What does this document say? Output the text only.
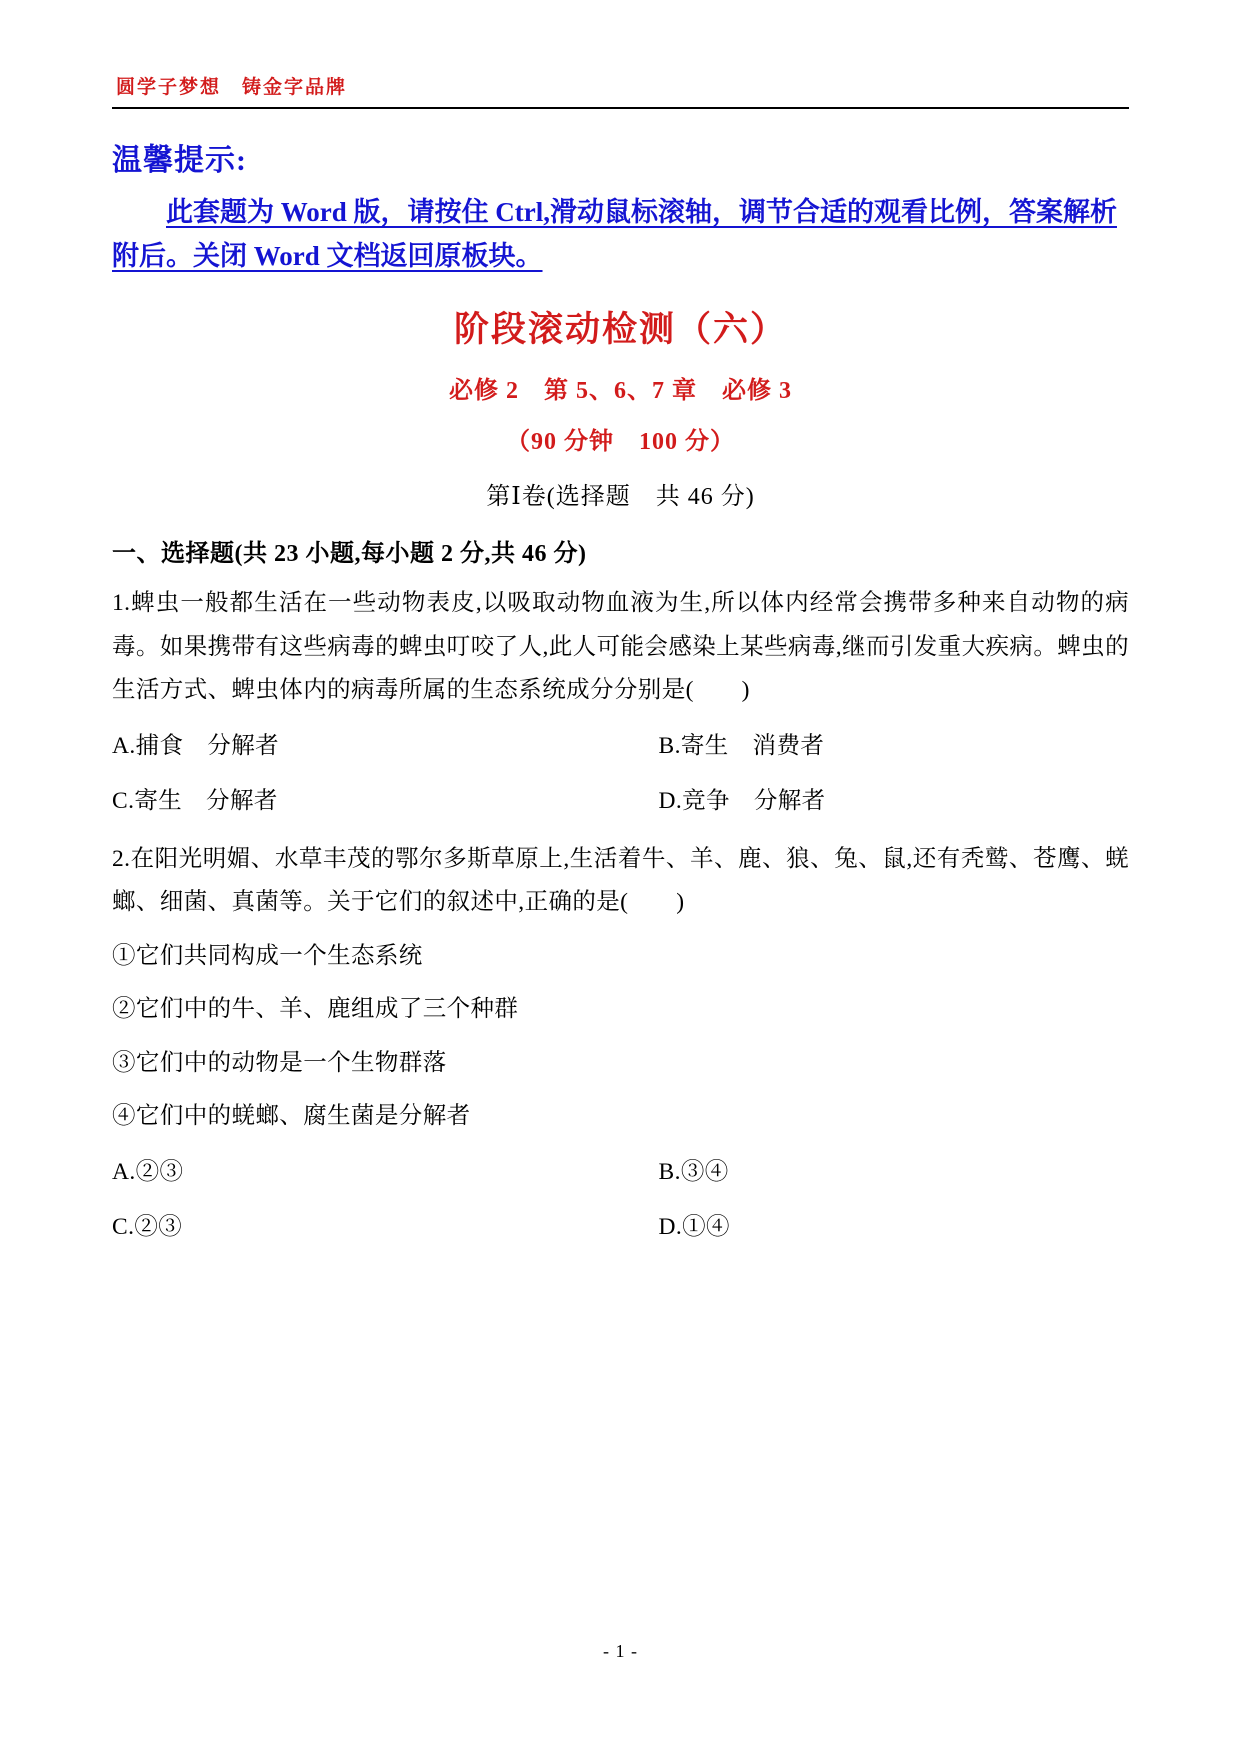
圆学子梦想　铸金字品牌
温馨提示:
此套题为 Word 版，请按住 Ctrl,滑动鼠标滚轴，调节合适的观看比例，答案解析附后。关闭 Word 文档返回原板块。
阶段滚动检测（六）
必修 2　第 5、6、7 章　必修 3
（90 分钟　100 分）
第Ⅰ卷(选择题　共 46 分)
一、选择题(共 23 小题,每小题 2 分,共 46 分)

1.蜱虫一般都生活在一些动物表皮,以吸取动物血液为生,所以体内经常会携带多种来自动物的病毒。如果携带有这些病毒的蜱虫叮咬了人,此人可能会感染上某些病毒,继而引发重大疾病。蜱虫的生活方式、蜱虫体内的病毒所属的生态系统成分分别是(　　)

A.捕食　分解者	B.寄生　消费者
C.寄生　分解者	D.竞争　分解者

2.在阳光明媚、水草丰茂的鄂尔多斯草原上,生活着牛、羊、鹿、狼、兔、鼠,还有秃鹫、苍鹰、蜣螂、细菌、真菌等。关于它们的叙述中,正确的是(　　)

①它们共同构成一个生态系统
②它们中的牛、羊、鹿组成了三个种群
③它们中的动物是一个生物群落
④它们中的蜣螂、腐生菌是分解者
A.②③	B.③④
C.②③	D.①④
- 1 -
